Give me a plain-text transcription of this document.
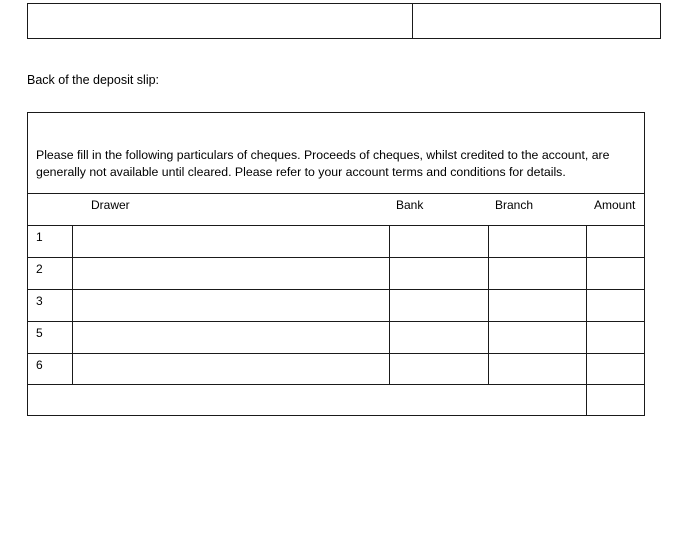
Back of the deposit slip:
Please fill in the following particulars of cheques. Proceeds of cheques, whilst credited to the account, are generally not available until cleared. Please refer to your account terms and conditions for details.
Drawer	Bank	Branch	Amount
1
2
3
5
6
